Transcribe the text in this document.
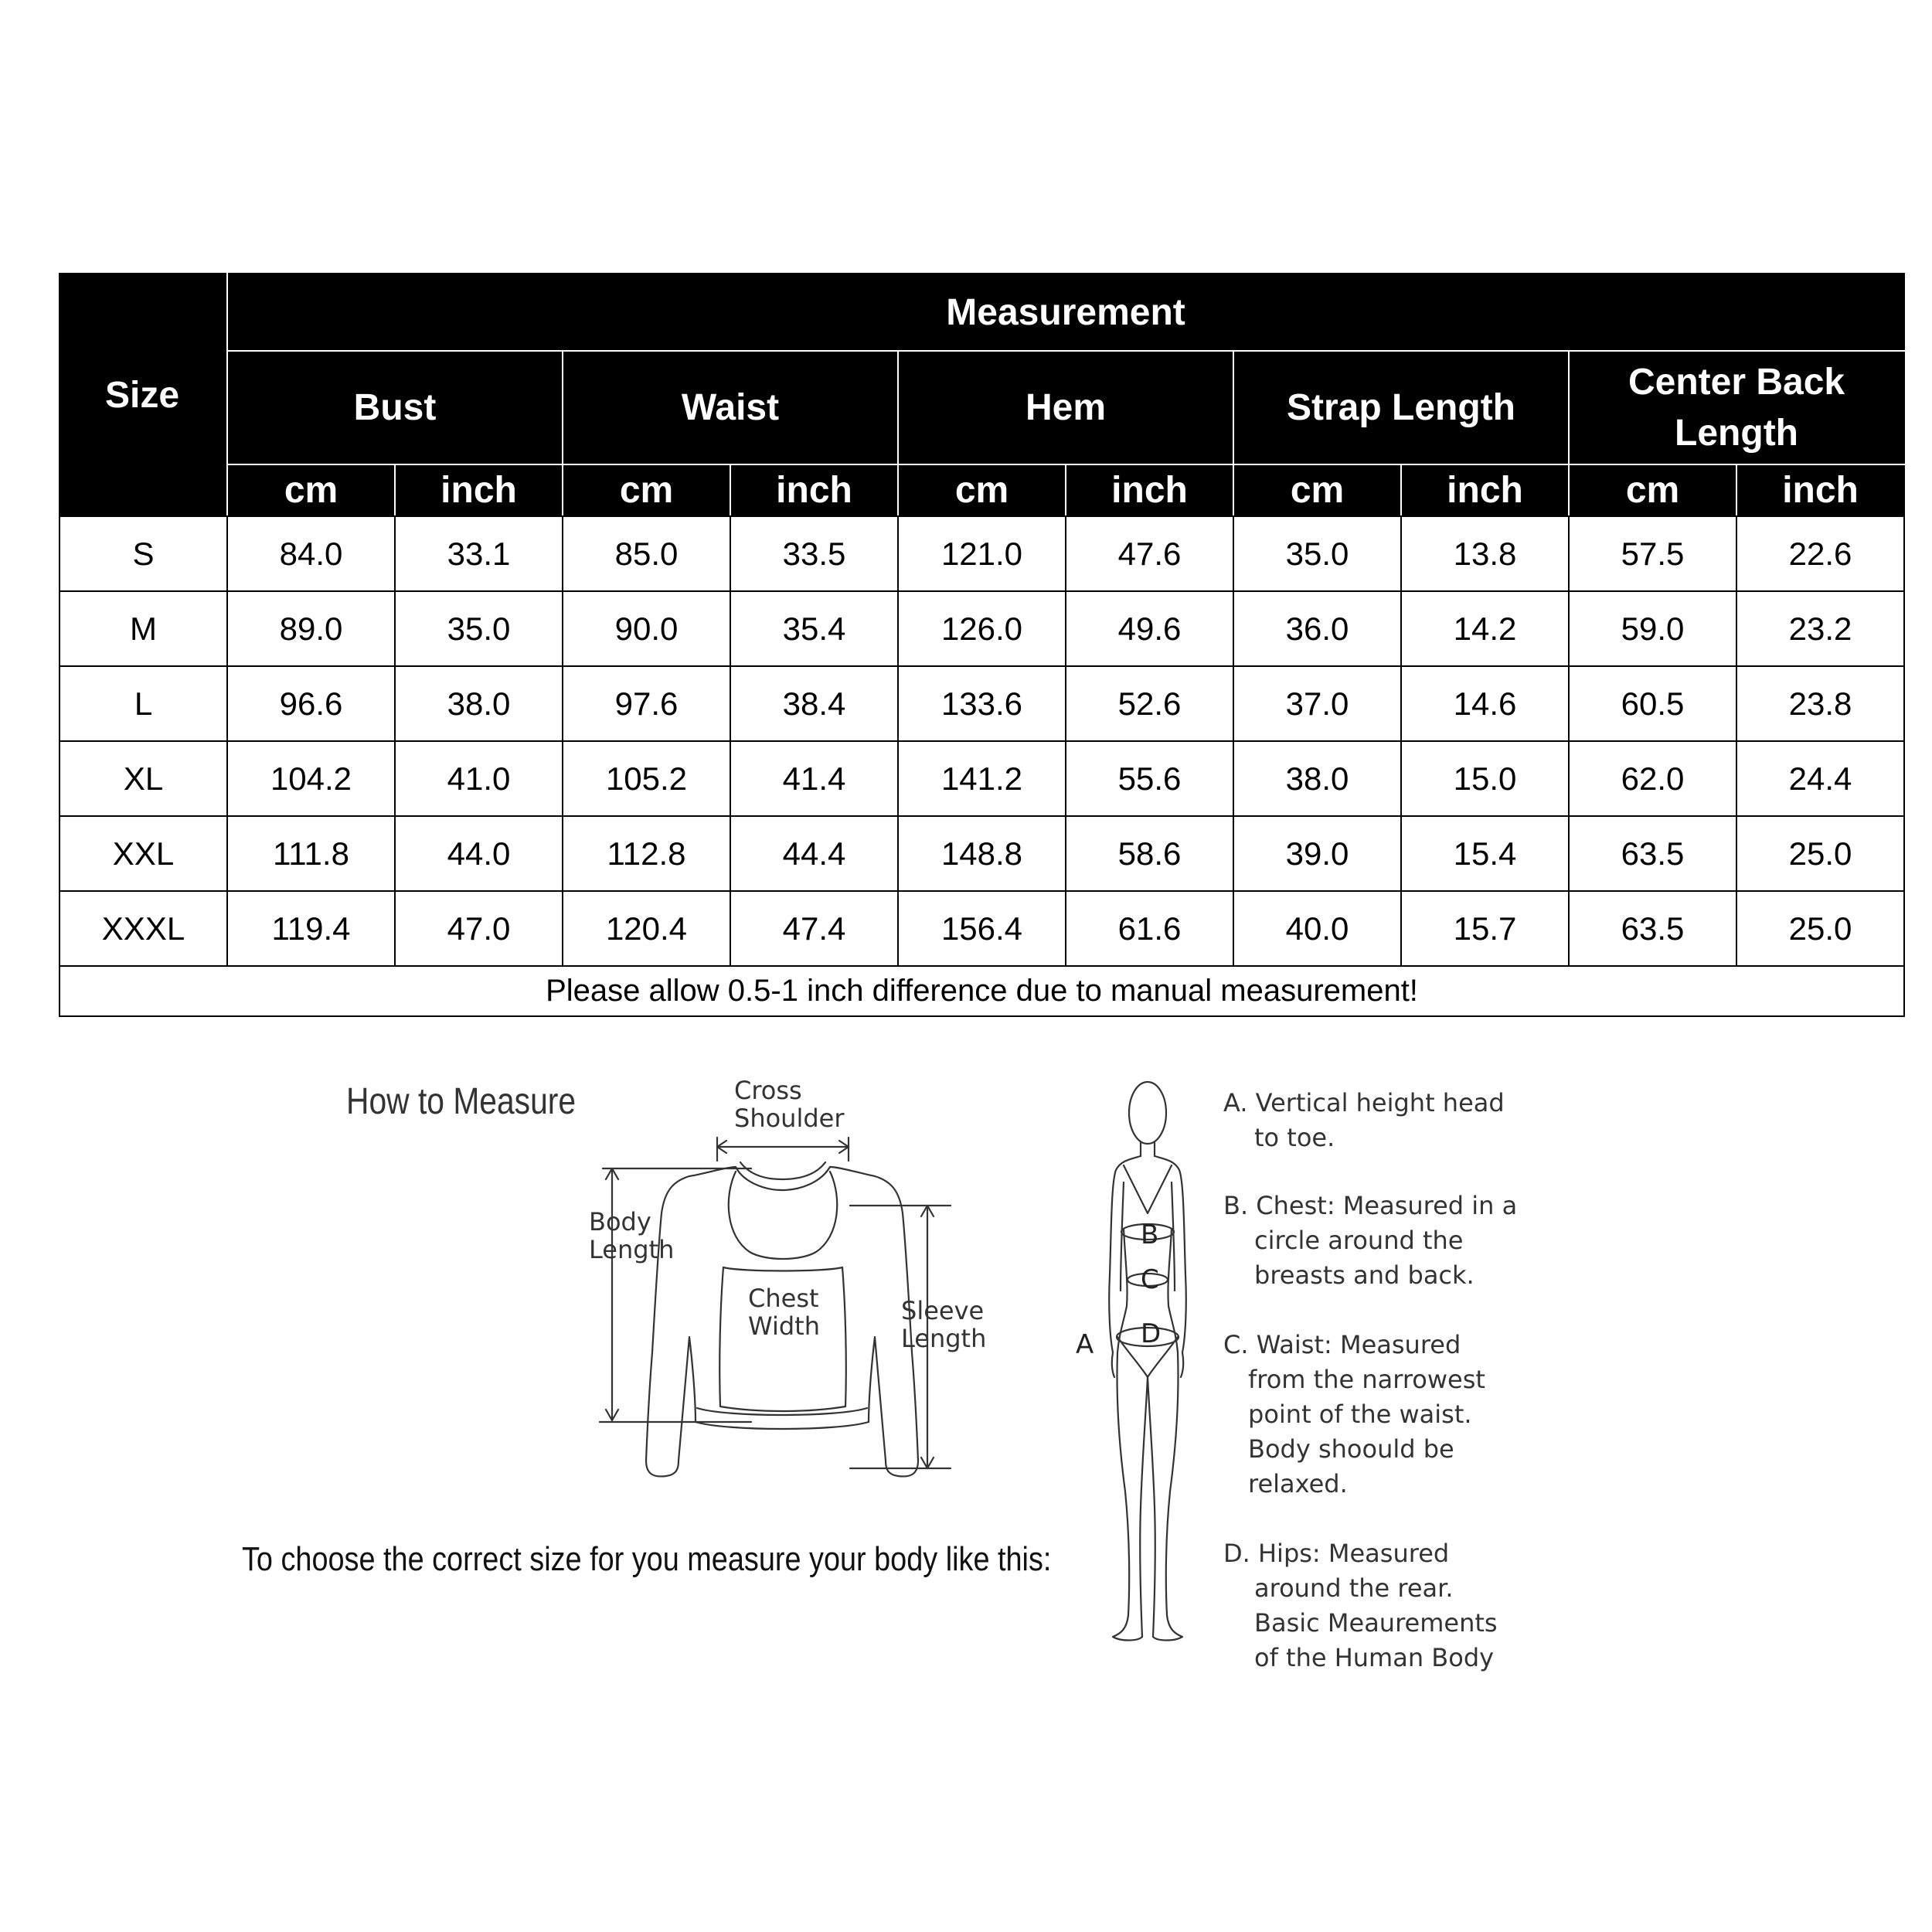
Size	Measurement									
	Bust		Waist		Hem		Strap Length		Center Back Length	
	cm	inch	cm	inch	cm	inch	cm	inch	cm	inch
S	84.0	33.1	85.0	33.5	121.0	47.6	35.0	13.8	57.5	22.6
M	89.0	35.0	90.0	35.4	126.0	49.6	36.0	14.2	59.0	23.2
L	96.6	38.0	97.6	38.4	133.6	52.6	37.0	14.6	60.5	23.8
XL	104.2	41.0	105.2	41.4	141.2	55.6	38.0	15.0	62.0	24.4
XXL	111.8	44.0	112.8	44.4	148.8	58.6	39.0	15.4	63.5	25.0
XXXL	119.4	47.0	120.4	47.4	156.4	61.6	40.0	15.7	63.5	25.0
Please allow 0.5-1 inch difference due to manual measurement!										
How to Measure
To choose the correct size for you measure your body like this:
Cross
Shoulder
Body
Length
Chest
Width
Sleeve
Length	A
B
C
D
A. Vertical height head
to toe.
B. Chest: Measured in a
circle around the
breasts and back.
C. Waist: Measured
from the narrowest
point of the waist.
Body shoould be
relaxed.
D. Hips: Measured
around the rear.
Basic Meaurements
of the Human Body
